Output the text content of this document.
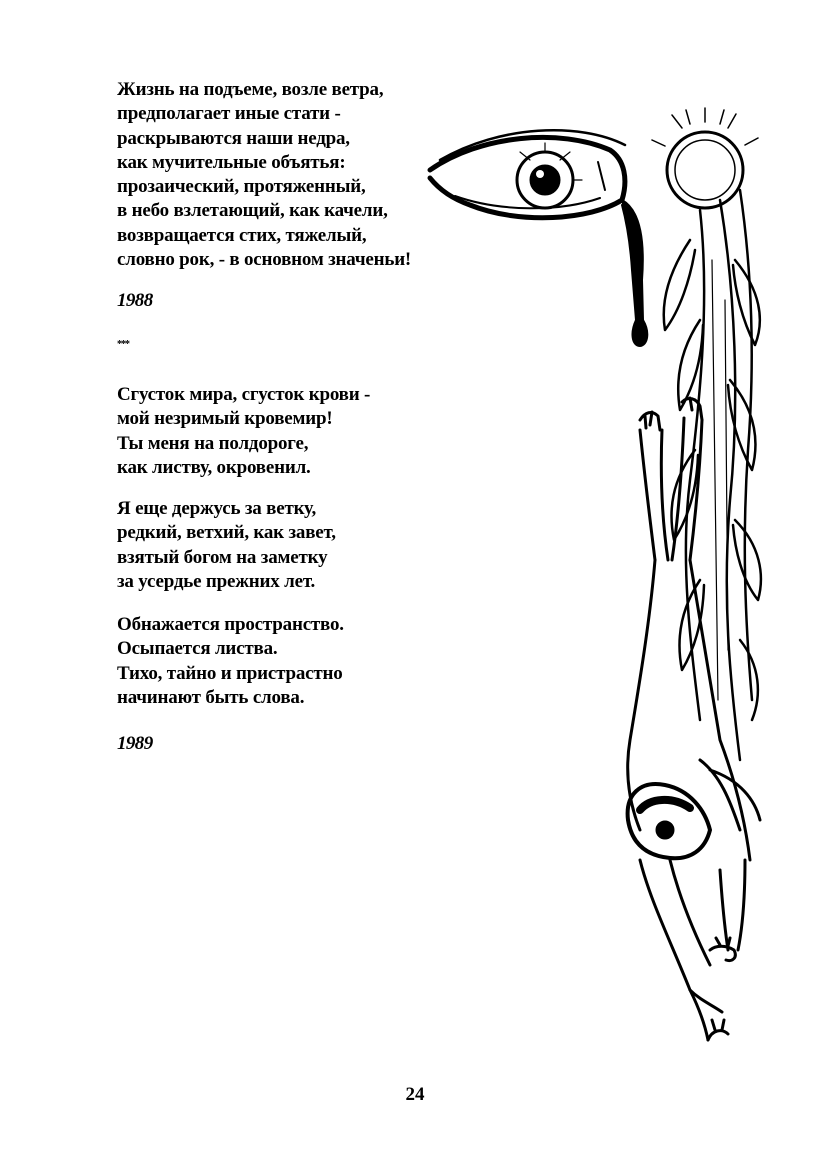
Жизнь на подъеме, возле ветра,

предполагает иные стати -

раскрываются наши недра,

как мучительные объятья:

прозаический, протяженный,

в небо взлетающий, как качели,

возвращается стих, тяжелый,

словно рок, - в основном значеньи!

1988

***

Сгусток мира, сгусток крови -

мой незримый кровемир!

Ты меня на полдороге,

как листву, окровенил.

Я еще держусь за ветку,

редкий, ветхий, как завет,

взятый богом на заметку

за усердье прежних лет.

Обнажается пространство.

Осыпается листва.

Тихо, тайно и пристрастно

начинают быть слова.

1989

24
